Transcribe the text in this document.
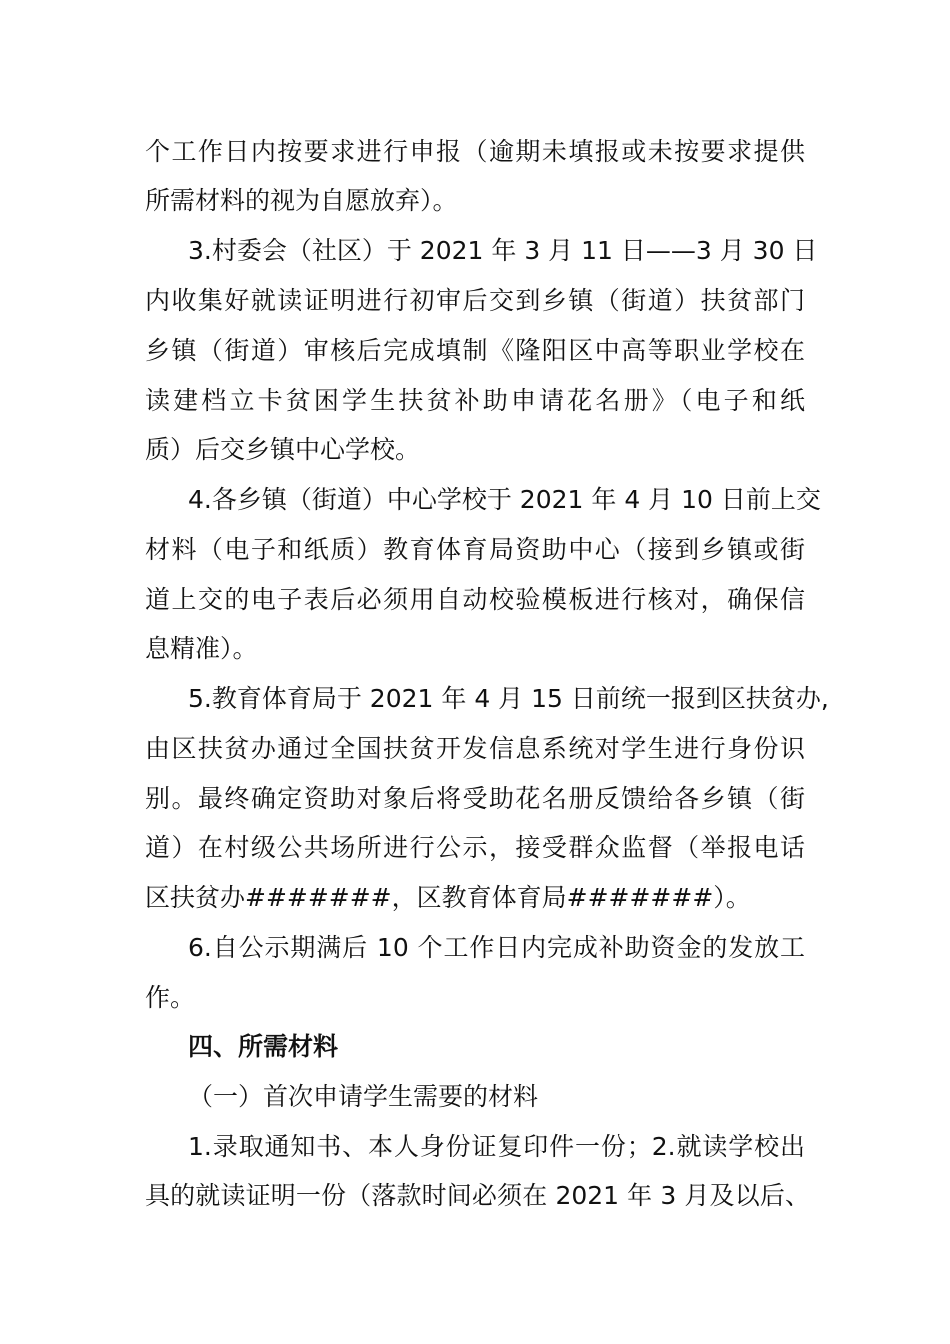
个工作日内按要求进行申报（逾期未填报或未按要求提供
所需材料的视为自愿放弃）。
3.村委会（社区）于 2021 年 3 月 11 日——3 月 30 日
内收集好就读证明进行初审后交到乡镇（街道）扶贫部门
乡镇（街道）审核后完成填制《隆阳区中高等职业学校在
读建档立卡贫困学生扶贫补助申请花名册》（电子和纸
质）后交乡镇中心学校。
4.各乡镇（街道）中心学校于 2021 年 4 月 10 日前上交
材料（电子和纸质）教育体育局资助中心（接到乡镇或街
道上交的电子表后必须用自动校验模板进行核对，确保信
息精准）。
5.教育体育局于 2021 年 4 月 15 日前统一报到区扶贫办,
由区扶贫办通过全国扶贫开发信息系统对学生进行身份识
别。最终确定资助对象后将受助花名册反馈给各乡镇（街
道）在村级公共场所进行公示，接受群众监督（举报电话
区扶贫办#######，区教育体育局#######）。
6.自公示期满后 10 个工作日内完成补助资金的发放工
作。
四、所需材料
（一）首次申请学生需要的材料
1.录取通知书、本人身份证复印件一份；2.就读学校出
具的就读证明一份（落款时间必须在 2021 年 3 月及以后、
